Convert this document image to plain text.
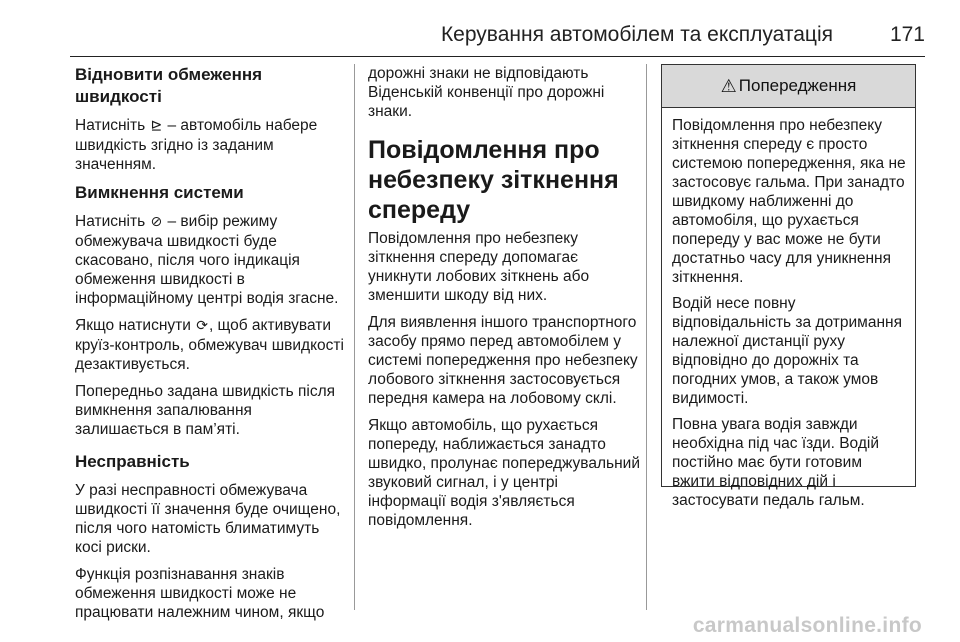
Керування автомобілем та експлуатація	171
Відновити обмеження швидкості
Натисніть ⊵ – автомобіль набере швидкість згідно із заданим значенням.
Вимкнення системи
Натисніть ⊘ – вибір режиму обмежувача швидкості буде скасовано, після чого індикація обмеження швидкості в інформаційному центрі водія згасне.
Якщо натиснути ⟳, щоб активувати круїз-контроль, обмежувач швидкості дезактивується.
Попередньо задана швидкість після вимкнення запалювання залишається в пам’яті.
Несправність
У разі несправності обмежувача швидкості її значення буде очищено, після чого натомість блиматимуть косі риски.
Функція розпізнавання знаків обмеження швидкості може не працювати належним чином, якщо
дорожні знаки не відповідають Віденській конвенції про дорожні знаки.
Повідомлення про небезпеку зіткнення спереду
Повідомлення про небезпеку зіткнення спереду допомагає уникнути лобових зіткнень або зменшити шкоду від них.
Для виявлення іншого транспортного засобу прямо перед автомобілем у системі попередження про небезпеку лобового зіткнення застосовується передня камера на лобовому склі.
Якщо автомобіль, що рухається попереду, наближається занадто швидко, пролунає попереджувальний звуковий сигнал, і у центрі інформації водія з'являється повідомлення.
⚠ Попередження
Повідомлення про небезпеку зіткнення спереду є просто системою попередження, яка не застосовує гальма. При занадто швидкому наближенні до автомобіля, що рухається попереду у вас може не бути достатньо часу для уникнення зіткнення.
Водій несе повну відповідальність за дотримання належної дистанції руху відповідно до дорожніх та погодних умов, а також умов видимості.
Повна увага водія завжди необхідна під час їзди. Водій постійно має бути готовим вжити відповідних дій і застосувати педаль гальм.
carmanualsonline.info
